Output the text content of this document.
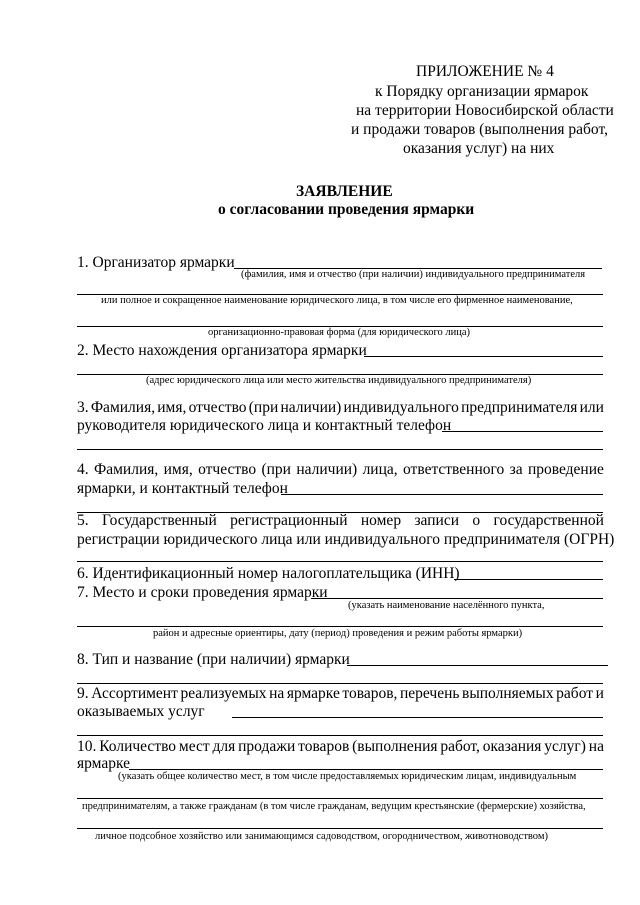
ПРИЛОЖЕНИЕ № 4
к Порядку организации ярмарок
на территории Новосибирской области
и продажи товаров (выполнения работ,
оказания услуг) на них
ЗАЯВЛЕНИЕ
о согласовании проведения ярмарки
1. Организатор ярмарки
(фамилия, имя и отчество (при наличии) индивидуального предпринимателя
или полное и сокращенное наименование юридического лица, в том числе его фирменное наименование,
организационно-правовая форма (для юридического лица)
2. Место нахождения организатора ярмарки
(адрес юридического лица или место жительства индивидуального предпринимателя)
3. Фамилия, имя, отчество (при наличии) индивидуального предпринимателя или
руководителя юридического лица и контактный телефон
4. Фамилия, имя, отчество (при наличии) лица, ответственного за проведение
ярмарки, и контактный телефон
5. Государственный регистрационный номер записи о государственной
регистрации юридического лица или индивидуального предпринимателя (ОГРН)
6. Идентификационный номер налогоплательщика (ИНН)
7. Место и сроки проведения ярмарки
(указать наименование населённого пункта,
район и адресные ориентиры, дату (период) проведения и режим работы ярмарки)
8. Тип и название (при наличии) ярмарки
9. Ассортимент реализуемых на ярмарке товаров, перечень выполняемых работ и
оказываемых услуг
10. Количество мест для продажи товаров (выполнения работ, оказания услуг) на
ярмарке
(указать общее количество мест, в том числе предоставляемых юридическим лицам, индивидуальным
предпринимателям, а также гражданам (в том числе гражданам, ведущим крестьянские (фермерские) хозяйства,
личное подсобное хозяйство или занимающимся садоводством, огородничеством, животноводством)
